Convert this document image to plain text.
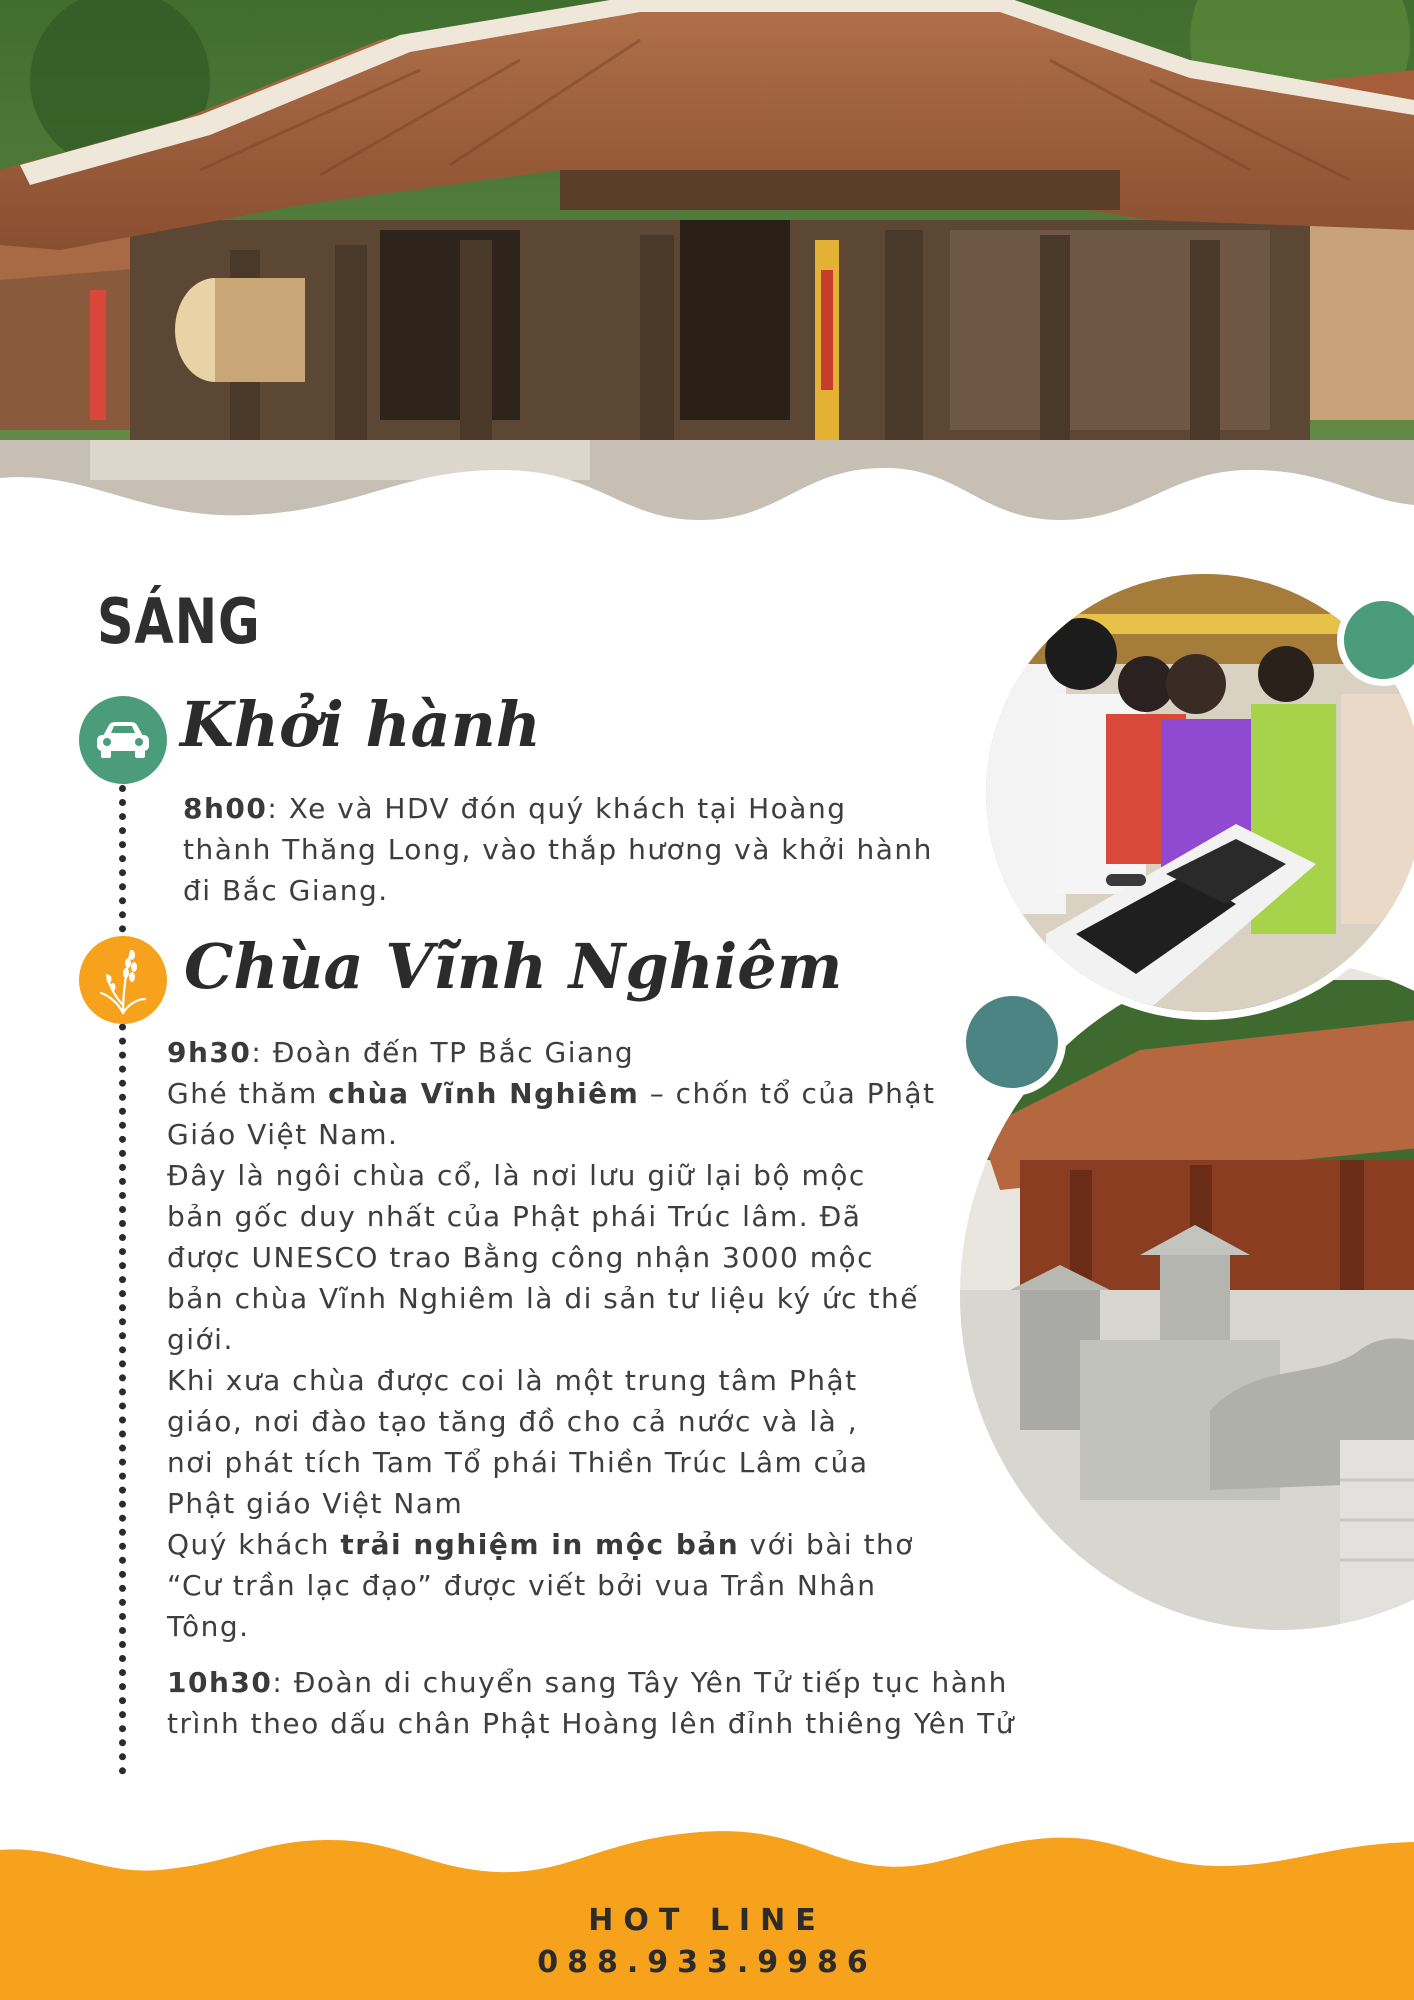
SÁNG
Khởi hành

8h00: Xe và HDV đón quý khách tại Hoàng
thành Thăng Long, vào thắp hương và khởi hành
đi Bắc Giang.

Chùa Vĩnh Nghiêm

9h30: Đoàn đến TP Bắc Giang
Ghé thăm chùa Vĩnh Nghiêm – chốn tổ của Phật
Giáo Việt Nam.
Đây là ngôi chùa cổ, là nơi lưu giữ lại bộ mộc
bản gốc duy nhất của Phật phái Trúc lâm. Đã
được UNESCO trao Bằng công nhận 3000 mộc
bản chùa Vĩnh Nghiêm là di sản tư liệu ký ức thế
giới.
Khi xưa chùa được coi là một trung tâm Phật
giáo, nơi đào tạo tăng đồ cho cả nước và là ,
nơi phát tích Tam Tổ phái Thiền Trúc Lâm của
Phật giáo Việt Nam
Quý khách trải nghiệm in mộc bản với bài thơ
“Cư trần lạc đạo” được viết bởi vua Trần Nhân
Tông.

10h30: Đoàn di chuyển sang Tây Yên Tử tiếp tục hành
trình theo dấu chân Phật Hoàng lên đỉnh thiêng Yên Tử

HOT LINE

088.933.9986
